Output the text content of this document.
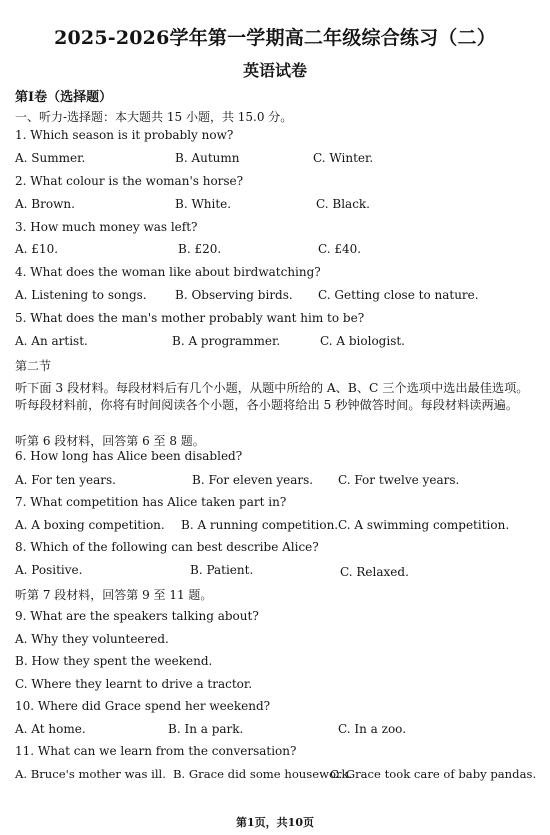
2025-2026学年第一学期高二年级综合练习（二）
英语试卷
第Ⅰ卷（选择题）
一、听力-选择题：本大题共 15 小题，共 15.0 分。
1. Which season is it probably now?
A. Summer.	B. Autumn	C. Winter.
2. What colour is the woman's horse?
A. Brown.	B. White.	C. Black.
3. How much money was left?
A. £10.	B. £20.	C. £40.
4. What does the woman like about birdwatching?
A. Listening to songs. B. Observing birds. C. Getting close to nature.
5. What does the man's mother probably want him to be?
A. An artist.	B. A programmer.	C. A biologist.
第二节
听下面 3 段材料。每段材料后有几个小题，从题中所给的 A、B、C 三个选项中选出最佳选项。听每段材料前，你将有时间阅读各个小题，各小题将给出 5 秒钟做答时间。每段材料读两遍。
听第 6 段材料，回答第 6 至 8 题。
6. How long has Alice been disabled?
A. For ten years.	B. For eleven years. C. For twelve years.
7. What competition has Alice taken part in?
A. A boxing competition. B. A running competition. C. A swimming competition.
8. Which of the following can best describe Alice?
A. Positive.	B. Patient.	C. Relaxed.
听第 7 段材料，回答第 9 至 11 题。
9. What are the speakers talking about?
A. Why they volunteered.
B. How they spent the weekend.
C. Where they learnt to drive a tractor.
10. Where did Grace spend her weekend?
A. At home.	B. In a park.	C. In a zoo.
11. What can we learn from the conversation?
A. Bruce's mother was ill. B. Grace did some housework.
C. Grace took care of baby pandas.
第1页，共10页
